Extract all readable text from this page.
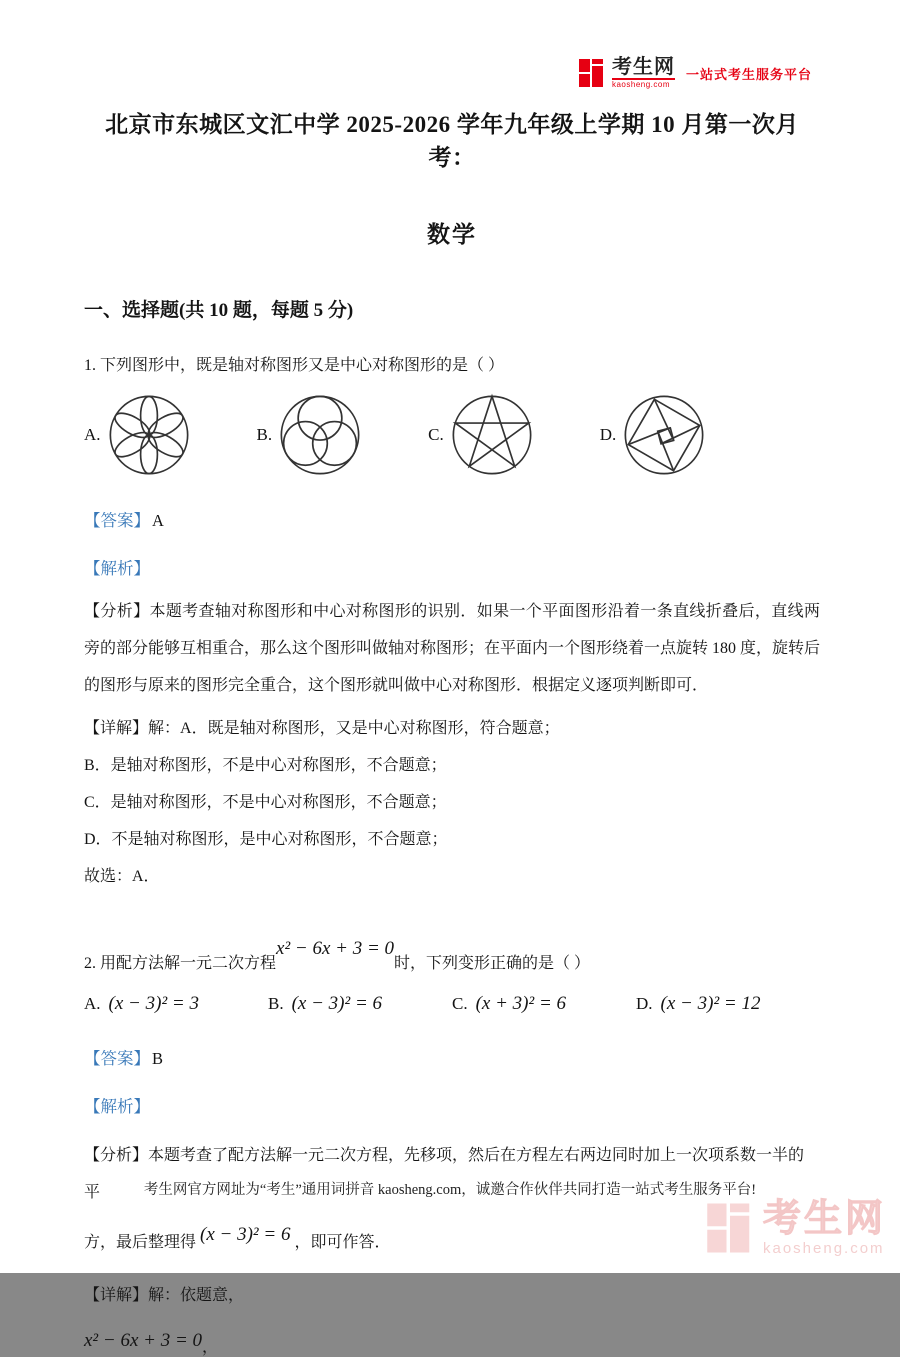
考生网
kaosheng.com
一站式考生服务平台
北京市东城区文汇中学 2025-2026 学年九年级上学期 10 月第一次月考：
数学
一、选择题(共 10 题，每题 5 分)
1. 下列图形中，既是轴对称图形又是中心对称图形的是（ ）
A.	B.	C.	D.
【答案】 A
【解析】
【分析】本题考查轴对称图形和中心对称图形的识别．如果一个平面图形沿着一条直线折叠后，直线两旁的部分能够互相重合，那么这个图形叫做轴对称图形；在平面内一个图形绕着一点旋转 180 度，旋转后的图形与原来的图形完全重合，这个图形就叫做中心对称图形．根据定义逐项判断即可．
【详解】解：A．既是轴对称图形，又是中心对称图形，符合题意；
B．是轴对称图形，不是中心对称图形，不合题意；
C．是轴对称图形，不是中心对称图形，不合题意；
D．不是轴对称图形，是中心对称图形，不合题意；
故选：A．
2. 用配方法解一元二次方程
x² − 6x + 3 = 0
时，下列变形正确的是（ ）
A. (x − 3)² = 3	B. (x − 3)² = 6	C. (x + 3)² = 6	D. (x − 3)² = 12
【答案】 B
【解析】
【分析】本题考查了配方法解一元二次方程，先移项，然后在方程左右两边同时加上一次项系数一半的平
方，最后整理得 (x − 3)² = 6 ，即可作答．
【详解】解：依题意，
x² − 6x + 3 = 0，
考生网官方网址为“考生”通用词拼音 kaosheng.com，诚邀合作伙伴共同打造一站式考生服务平台!
考生网
kaosheng.com
